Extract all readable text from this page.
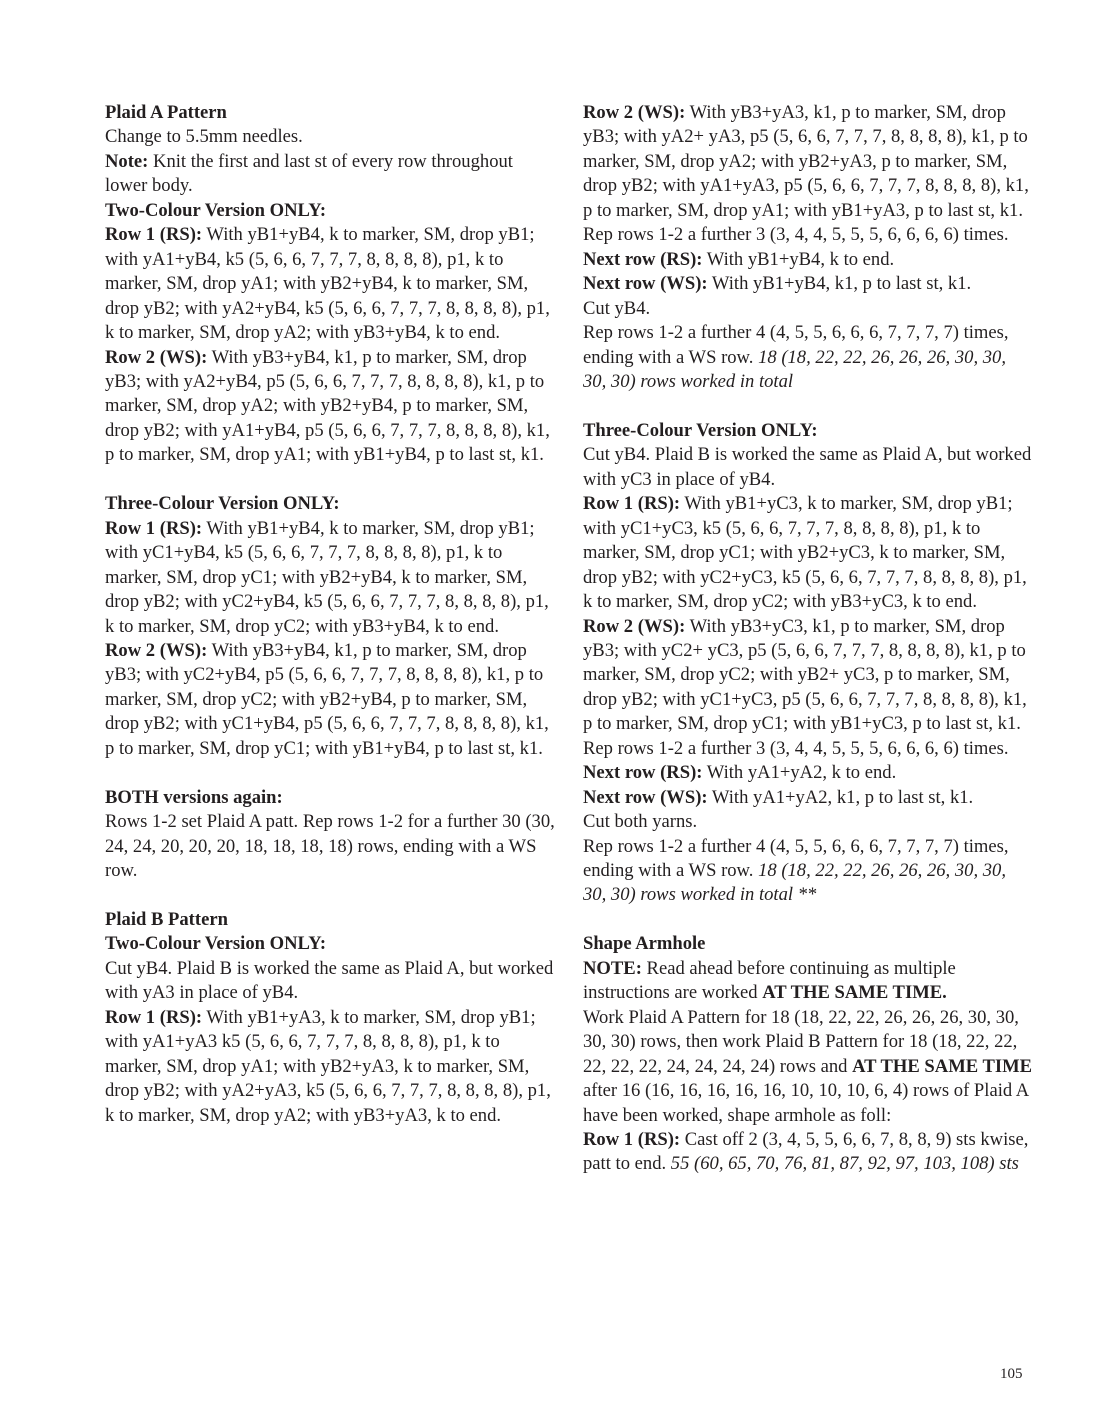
Plaid A Pattern

Change to 5.5mm needles.

Note: Knit the first and last st of every row throughout lower body.

Two-Colour Version ONLY:

Row 1 (RS): With yB1+yB4, k to marker, SM, drop yB1; with yA1+yB4, k5 (5, 6, 6, 7, 7, 7, 8, 8, 8, 8), p1, k to marker, SM, drop yA1; with yB2+yB4, k to marker, SM, drop yB2; with yA2+yB4, k5 (5, 6, 6, 7, 7, 7, 8, 8, 8, 8), p1, k to marker, SM, drop yA2; with yB3+yB4, k to end.

Row 2 (WS): With yB3+yB4, k1, p to marker, SM, drop yB3; with yA2+yB4, p5 (5, 6, 6, 7, 7, 7, 8, 8, 8, 8), k1, p to marker, SM, drop yA2; with yB2+yB4, p to marker, SM, drop yB2; with yA1+yB4, p5 (5, 6, 6, 7, 7, 7, 8, 8, 8, 8), k1, p to marker, SM, drop yA1; with yB1+yB4, p to last st, k1.

Three-Colour Version ONLY:

Row 1 (RS): With yB1+yB4, k to marker, SM, drop yB1; with yC1+yB4, k5 (5, 6, 6, 7, 7, 7, 8, 8, 8, 8), p1, k to marker, SM, drop yC1; with yB2+yB4, k to marker, SM, drop yB2; with yC2+yB4, k5 (5, 6, 6, 7, 7, 7, 8, 8, 8, 8), p1, k to marker, SM, drop yC2; with yB3+yB4, k to end.

Row 2 (WS): With yB3+yB4, k1, p to marker, SM, drop yB3; with yC2+yB4, p5 (5, 6, 6, 7, 7, 7, 8, 8, 8, 8), k1, p to marker, SM, drop yC2; with yB2+yB4, p to marker, SM, drop yB2; with yC1+yB4, p5 (5, 6, 6, 7, 7, 7, 8, 8, 8, 8), k1, p to marker, SM, drop yC1; with yB1+yB4, p to last st, k1.

BOTH versions again:

Rows 1-2 set Plaid A patt. Rep rows 1-2 for a further 30 (30, 24, 24, 20, 20, 20, 18, 18, 18, 18) rows, ending with a WS row.

Plaid B Pattern

Two-Colour Version ONLY:

Cut yB4. Plaid B is worked the same as Plaid A, but worked with yA3 in place of yB4.

Row 1 (RS): With yB1+yA3, k to marker, SM, drop yB1; with yA1+yA3 k5 (5, 6, 6, 7, 7, 7, 8, 8, 8, 8), p1, k to marker, SM, drop yA1; with yB2+yA3, k to marker, SM, drop yB2; with yA2+yA3, k5 (5, 6, 6, 7, 7, 7, 8, 8, 8, 8), p1, k to marker, SM, drop yA2; with yB3+yA3, k to end.

Row 2 (WS): With yB3+yA3, k1, p to marker, SM, drop yB3; with yA2+ yA3, p5 (5, 6, 6, 7, 7, 7, 8, 8, 8, 8), k1, p to marker, SM, drop yA2; with yB2+yA3, p to marker, SM, drop yB2; with yA1+yA3, p5 (5, 6, 6, 7, 7, 7, 8, 8, 8, 8), k1, p to marker, SM, drop yA1; with yB1+yA3, p to last st, k1.

Rep rows 1-2 a further 3 (3, 4, 4, 5, 5, 5, 6, 6, 6, 6) times.

Next row (RS): With yB1+yB4, k to end.

Next row (WS): With yB1+yB4, k1, p to last st, k1.

Cut yB4.

Rep rows 1-2 a further 4 (4, 5, 5, 6, 6, 6, 7, 7, 7, 7) times, ending with a WS row. 18 (18, 22, 22, 26, 26, 26, 30, 30, 30, 30) rows worked in total

Three-Colour Version ONLY:

Cut yB4. Plaid B is worked the same as Plaid A, but worked with yC3 in place of yB4.

Row 1 (RS): With yB1+yC3, k to marker, SM, drop yB1; with yC1+yC3, k5 (5, 6, 6, 7, 7, 7, 8, 8, 8, 8), p1, k to marker, SM, drop yC1; with yB2+yC3, k to marker, SM, drop yB2; with yC2+yC3, k5 (5, 6, 6, 7, 7, 7, 8, 8, 8, 8), p1, k to marker, SM, drop yC2; with yB3+yC3, k to end.

Row 2 (WS): With yB3+yC3, k1, p to marker, SM, drop yB3; with yC2+ yC3, p5 (5, 6, 6, 7, 7, 7, 8, 8, 8, 8), k1, p to marker, SM, drop yC2; with yB2+ yC3, p to marker, SM, drop yB2; with yC1+yC3, p5 (5, 6, 6, 7, 7, 7, 8, 8, 8, 8), k1, p to marker, SM, drop yC1; with yB1+yC3, p to last st, k1.

Rep rows 1-2 a further 3 (3, 4, 4, 5, 5, 5, 6, 6, 6, 6) times.

Next row (RS): With yA1+yA2, k to end.

Next row (WS): With yA1+yA2, k1, p to last st, k1.

Cut both yarns.

Rep rows 1-2 a further 4 (4, 5, 5, 6, 6, 6, 7, 7, 7, 7) times, ending with a WS row. 18 (18, 22, 22, 26, 26, 26, 30, 30, 30, 30) rows worked in total **

Shape Armhole

NOTE: Read ahead before continuing as multiple instructions are worked AT THE SAME TIME.

Work Plaid A Pattern for 18 (18, 22, 22, 26, 26, 26, 30, 30, 30, 30) rows, then work Plaid B Pattern for 18 (18, 22, 22, 22, 22, 22, 24, 24, 24, 24) rows and AT THE SAME TIME after 16 (16, 16, 16, 16, 16, 10, 10, 10, 6, 4) rows of Plaid A have been worked, shape armhole as foll:

Row 1 (RS): Cast off 2 (3, 4, 5, 5, 6, 6, 7, 8, 8, 9) sts kwise, patt to end. 55 (60, 65, 70, 76, 81, 87, 92, 97, 103, 108) sts

105
